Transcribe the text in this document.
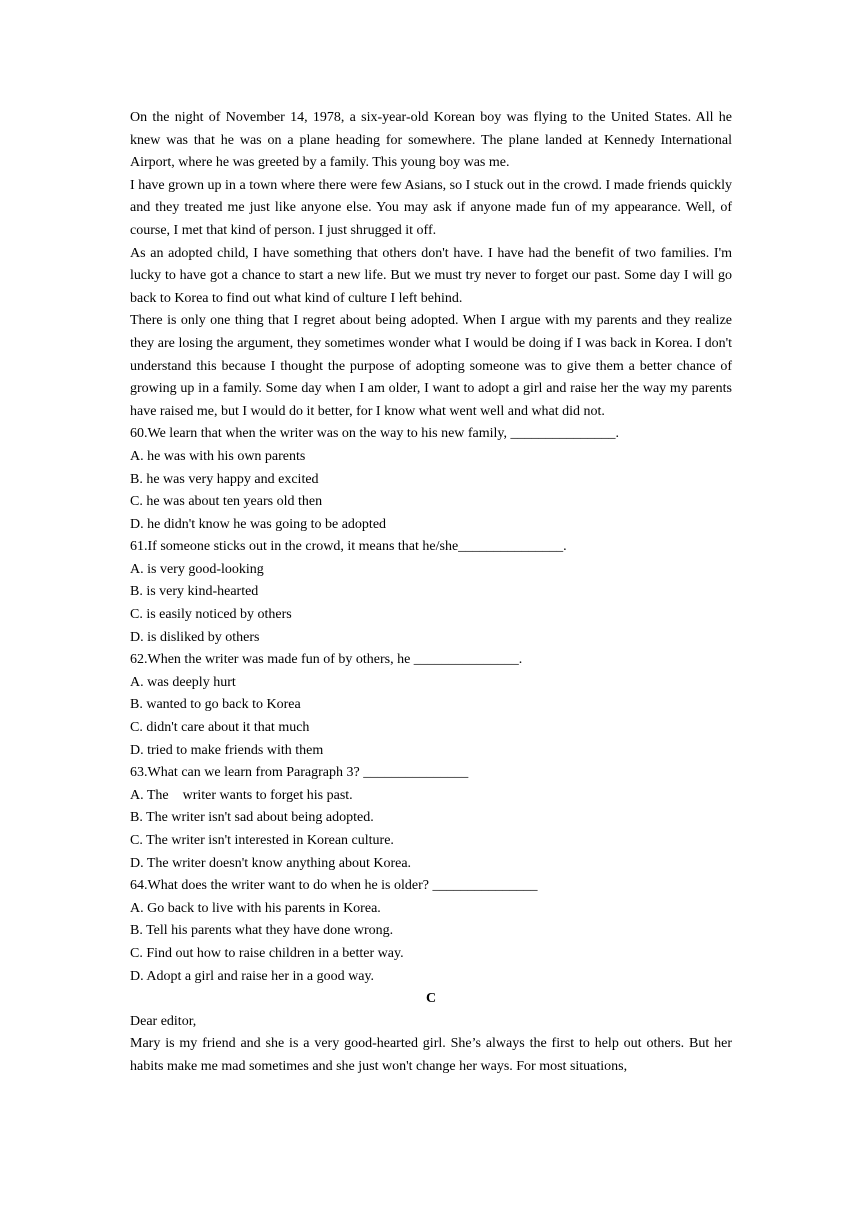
On the night of November 14, 1978, a six-year-old Korean boy was flying to the United States. All he knew was that he was on a plane heading for somewhere. The plane landed at Kennedy International Airport, where he was greeted by a family. This young boy was me.

I have grown up in a town where there were few Asians, so I stuck out in the crowd. I made friends quickly and they treated me just like anyone else. You may ask if anyone made fun of my appearance. Well, of course, I met that kind of person. I just shrugged it off.

As an adopted child, I have something that others don't have. I have had the benefit of two families. I'm lucky to have got a chance to start a new life. But we must try never to forget our past. Some day I will go back to Korea to find out what kind of culture I left behind.

There is only one thing that I regret about being adopted. When I argue with my parents and they realize they are losing the argument, they sometimes wonder what I would be doing if I was back in Korea. I don't understand this because I thought the purpose of adopting someone was to give them a better chance of growing up in a family. Some day when I am older, I want to adopt a girl and raise her the way my parents have raised me, but I would do it better, for I know what went well and what did not.

60.We learn that when the writer was on the way to his new family, _______________.

A. he was with his own parents

B. he was very happy and excited

C. he was about ten years old then

D. he didn't know he was going to be adopted

61.If someone sticks out in the crowd, it means that he/she_______________.

A. is very good-looking

B. is very kind-hearted

C. is easily noticed by others

D. is disliked by others

62.When the writer was made fun of by others, he _______________.

A. was deeply hurt

B. wanted to go back to Korea

C. didn't care about it that much

D. tried to make friends with them

63.What can we learn from Paragraph 3? _______________

A. The    writer wants to forget his past.

B. The writer isn't sad about being adopted.

C. The writer isn't interested in Korean culture.

D. The writer doesn't know anything about Korea.

64.What does the writer want to do when he is older? _______________

A. Go back to live with his parents in Korea.

B. Tell his parents what they have done wrong.

C. Find out how to raise children in a better way.

D. Adopt a girl and raise her in a good way.

C

Dear editor,

Mary is my friend and she is a very good-hearted girl. She’s always the first to help out others. But her habits make me mad sometimes and she just won't change her ways. For most situations,
